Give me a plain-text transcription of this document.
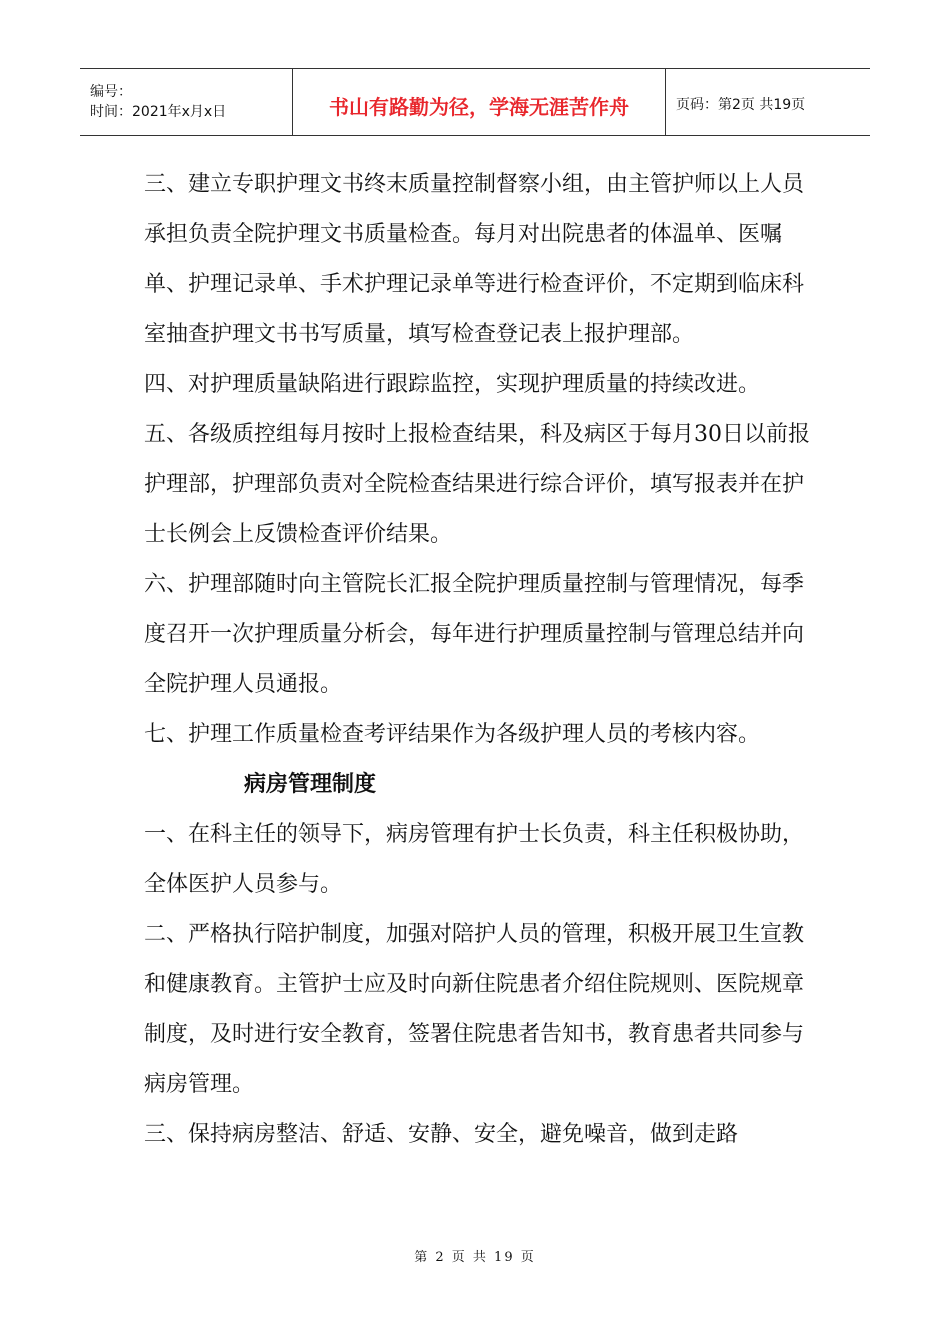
编号：
时间：2021年x月x日	书山有路勤为径，学海无涯苦作舟	页码：第2页 共19页

三、建立专职护理文书终末质量控制督察小组，由主管护师以上人员承担负责全院护理文书质量检查。每月对出院患者的体温单、医嘱单、护理记录单、手术护理记录单等进行检查评价，不定期到临床科室抽查护理文书书写质量，填写检查登记表上报护理部。

四、对护理质量缺陷进行跟踪监控，实现护理质量的持续改进。

五、各级质控组每月按时上报检查结果，科及病区于每月30日以前报护理部，护理部负责对全院检查结果进行综合评价，填写报表并在护士长例会上反馈检查评价结果。

六、护理部随时向主管院长汇报全院护理质量控制与管理情况，每季度召开一次护理质量分析会，每年进行护理质量控制与管理总结并向全院护理人员通报。

七、护理工作质量检查考评结果作为各级护理人员的考核内容。

病房管理制度

一、在科主任的领导下，病房管理有护士长负责，科主任积极协助，全体医护人员参与。

二、严格执行陪护制度，加强对陪护人员的管理，积极开展卫生宣教和健康教育。主管护士应及时向新住院患者介绍住院规则、医院规章制度，及时进行安全教育，签署住院患者告知书，教育患者共同参与病房管理。

三、保持病房整洁、舒适、安静、安全，避免噪音，做到走路

第 2 页 共 19 页
